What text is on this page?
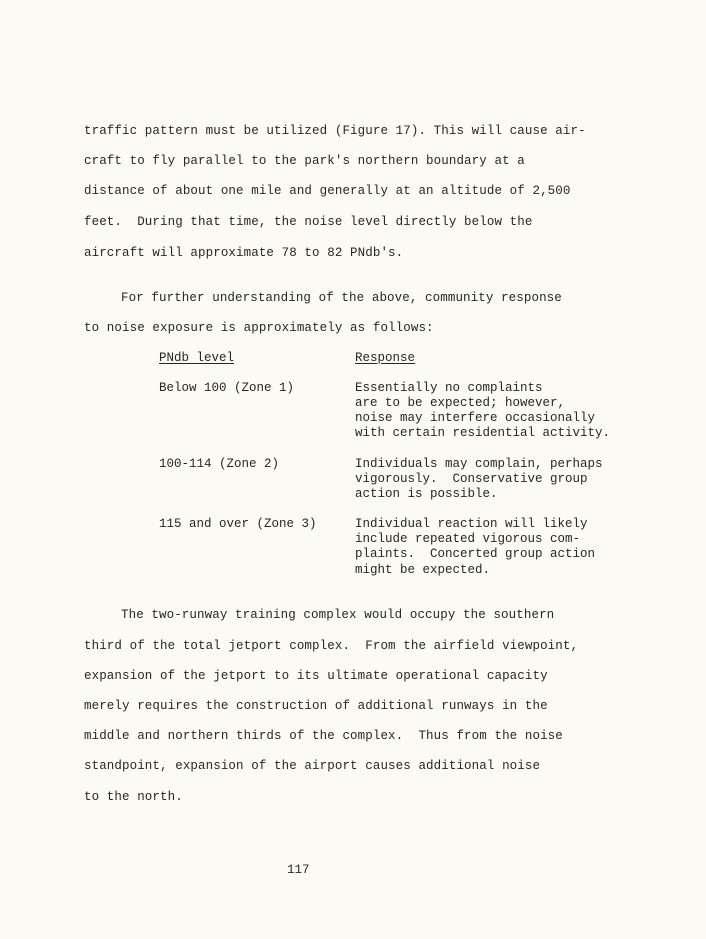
traffic pattern must be utilized (Figure 17). This will cause air-
craft to fly parallel to the park's northern boundary at a
distance of about one mile and generally at an altitude of 2,500
feet.  During that time, the noise level directly below the
aircraft will approximate 78 to 82 PNdb's.
For further understanding of the above, community response
to noise exposure is approximately as follows:
PNdb level	Response
Below 100 (Zone 1)	Essentially no complaints
are to be expected; however,
noise may interfere occasionally
with certain residential activity.
100-114 (Zone 2)	Individuals may complain, perhaps
vigorously.  Conservative group
action is possible.
115 and over (Zone 3)	Individual reaction will likely
include repeated vigorous com-
plaints.  Concerted group action
might be expected.
The two-runway training complex would occupy the southern
third of the total jetport complex.  From the airfield viewpoint,
expansion of the jetport to its ultimate operational capacity
merely requires the construction of additional runways in the
middle and northern thirds of the complex.  Thus from the noise
standpoint, expansion of the airport causes additional noise
to the north.
117
